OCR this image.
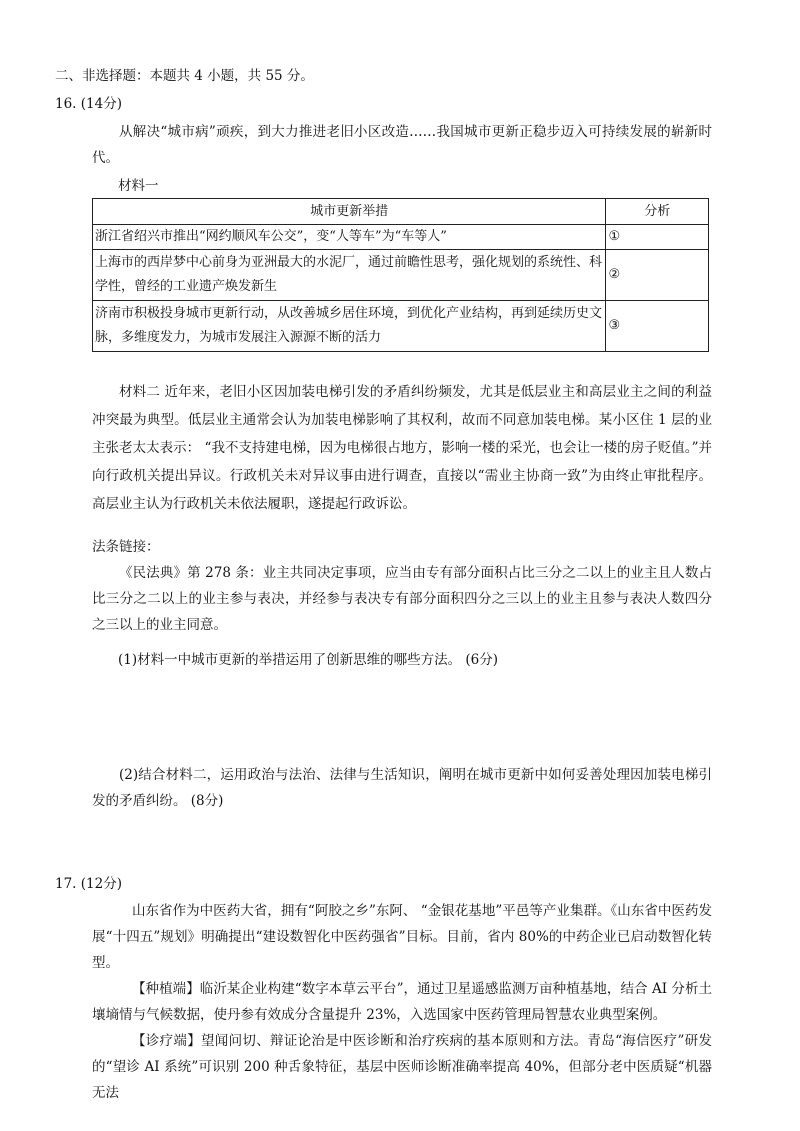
二、非选择题：本题共 4 小题，共 55 分。
16. (14分)
从解决“城市病”顽疾，到大力推进老旧小区改造……我国城市更新正稳步迈入可持续发展的崭新时代。
材料一
城市更新举措	分析
浙江省绍兴市推出“网约顺风车公交”，变“人等车”为“车等人”	①
上海市的西岸梦中心前身为亚洲最大的水泥厂，通过前瞻性思考，强化规划的系统性、科学性，曾经的工业遗产焕发新生	②
济南市积极投身城市更新行动，从改善城乡居住环境，到优化产业结构，再到延续历史文脉，多维度发力，为城市发展注入源源不断的活力	③
材料二 近年来，老旧小区因加装电梯引发的矛盾纠纷频发，尤其是低层业主和高层业主之间的利益冲突最为典型。低层业主通常会认为加装电梯影响了其权利，故而不同意加装电梯。某小区住 1 层的业主张老太太表示： “我不支持建电梯，因为电梯很占地方，影响一楼的采光，也会让一楼的房子贬值。”并向行政机关提出异议。行政机关未对异议事由进行调查，直接以“需业主协商一致”为由终止审批程序。高层业主认为行政机关未依法履职，遂提起行政诉讼。
法条链接：
《民法典》第 278 条：业主共同决定事项，应当由专有部分面积占比三分之二以上的业主且人数占比三分之二以上的业主参与表决，并经参与表决专有部分面积四分之三以上的业主且参与表决人数四分之三以上的业主同意。
(1)材料一中城市更新的举措运用了创新思维的哪些方法。 (6分)
(2)结合材料二，运用政治与法治、法律与生活知识，阐明在城市更新中如何妥善处理因加装电梯引发的矛盾纠纷。 (8分)
17. (12分)
山东省作为中医药大省，拥有“阿胶之乡”东阿、 “金银花基地”平邑等产业集群。《山东省中医药发展“十四五”规划》明确提出“建设数智化中医药强省”目标。目前，省内 80%的中药企业已启动数智化转型。
【种植端】临沂某企业构建“数字本草云平台”，通过卫星遥感监测万亩种植基地，结合 AI 分析土壤墒情与气候数据，使丹参有效成分含量提升 23%，入选国家中医药管理局智慧农业典型案例。
【诊疗端】望闻问切、辩证论治是中医诊断和治疗疾病的基本原则和方法。青岛“海信医疗”研发的“望诊 AI 系统”可识别 200 种舌象特征，基层中医师诊断准确率提高 40%，但部分老中医质疑“机器无法
